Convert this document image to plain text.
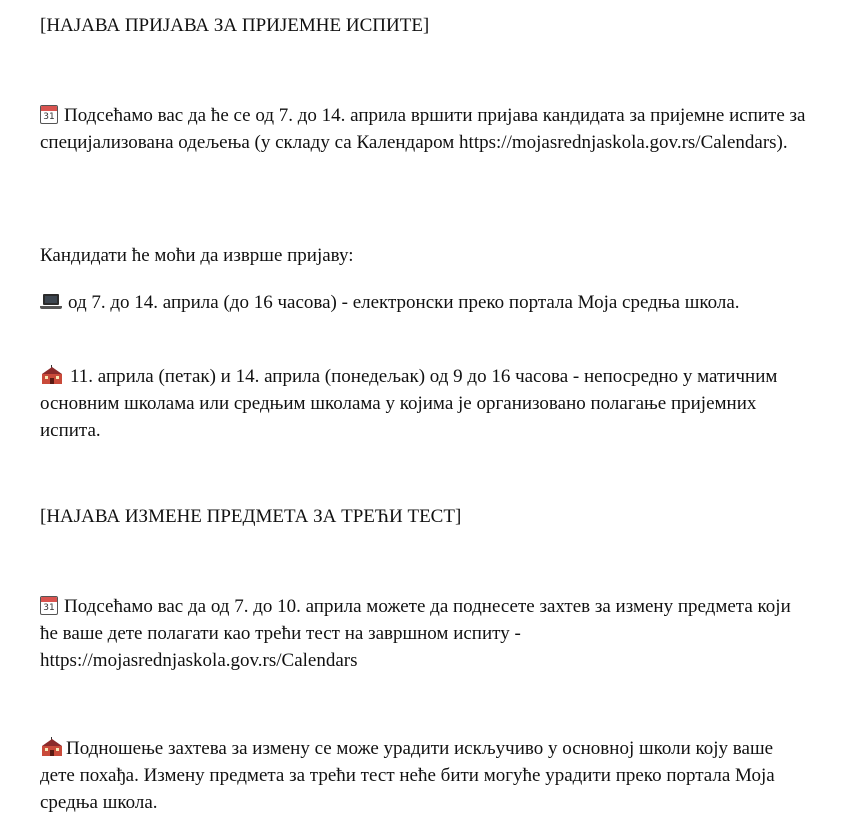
[НАЈАВА ПРИЈАВА ЗА ПРИЈЕМНЕ ИСПИТЕ]

31 Подсећамо вас да ће се од 7. до 14. априла вршити пријава кандидата за пријемне испите за специјализована одељења (у складу са Календаром https://mojasrednjaskola.gov.rs/Calendars).

Кандидати ће моћи да изврше пријаву:

од 7. до 14. априла (до 16 часова) - електронски преко портала Моја средња школа.

11. априла (петак) и 14. априла (понедељак) од 9 до 16 часова - непосредно у матичним основним школама или средњим школама у којима је организовано полагање пријемних испита.

[НАЈАВА ИЗМЕНЕ ПРЕДМЕТА ЗА ТРЕЋИ ТЕСТ]

31 Подсећамо вас да од 7. до 10. априла можете да поднесете захтев за измену предмета који ће ваше дете полагати као трећи тест на завршном испиту - https://mojasrednjaskola.gov.rs/Calendars

Подношење захтева за измену се може урадити искључиво у основној школи коју ваше дете похађа. Измену предмета за трећи тест неће бити могуће урадити преко портала Моја средња школа.
